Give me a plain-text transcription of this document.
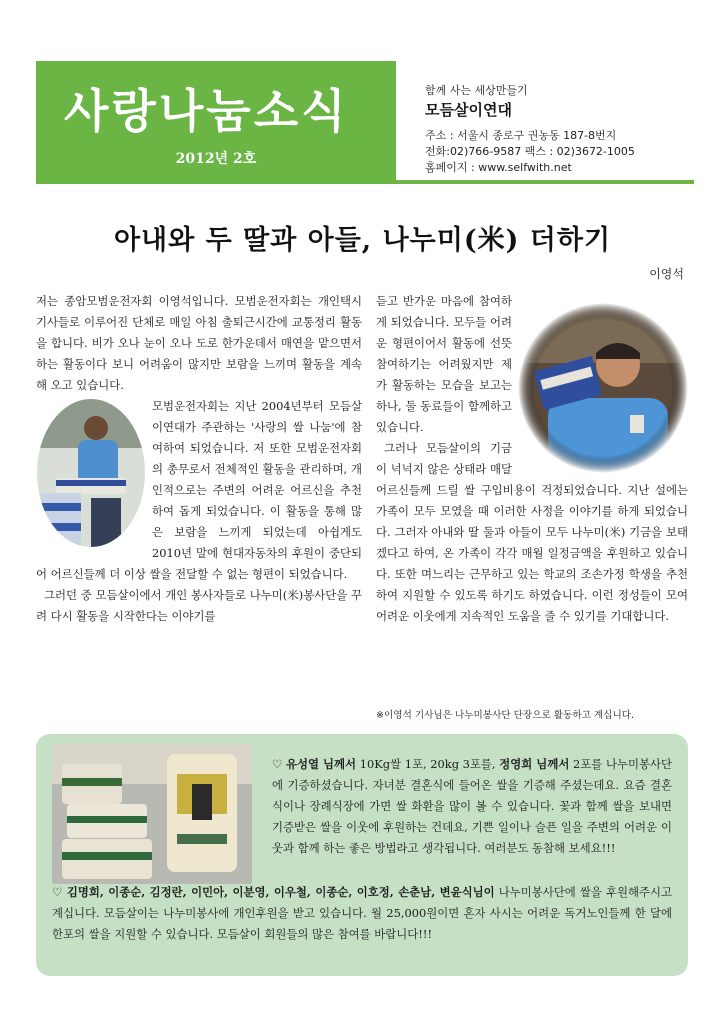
사랑나눔소식
2012년 2호
함께 사는 세상만들기
모듬살이연대
주소 : 서울시 종로구 권농동 187-8번지
전화:02)766-9587 팩스 : 02)3672-1005
홈페이지 : www.selfwith.net
아내와 두 딸과 아들, 나누미(米) 더하기
이영석

저는 종암모범운전자회 이영석입니다. 모범운전자회는 개인택시기사들로 이루어진 단체로 매일 아침 출퇴근시간에 교통정리 활동을 합니다. 비가 오나 눈이 오나 도로 한가운데서 매연을 맡으면서 하는 활동이다 보니 어려움이 많지만 보람을 느끼며 활동을 계속 해 오고 있습니다.

모범운전자회는 지난 2004년부터 모듬살이연대가 주관하는 '사랑의 쌀 나눔'에 참여하여 되었습니다. 저 또한 모범운전자회의 총무로서 전체적인 활동을 관리하며, 개인적으로는 주변의 어려운 어르신을 추천하여 돕게 되었습니다. 이 활동을 통해 많은 보람을 느끼게 되었는데 아쉽게도 2010년 말에 현대자동차의 후원이 중단되어 어르신들께 더 이상 쌀을 전달할 수 없는 형편이 되었습니다.

그러던 중 모듬살이에서 개인 봉사자들로 나누미(米)봉사단을 꾸려 다시 활동을 시작한다는 이야기를

듣고 반가운 마음에 참여하게 되었습니다. 모두들 어려운 형편이어서 활동에 선뜻 참여하기는 어려웠지만 제가 활동하는 모습을 보고는 하나, 둘 동료들이 함께하고 있습니다.

그러나 모듬살이의 기금이 넉넉지 않은 상태라 매달 어르신들께 드릴 쌀 구입비용이 걱정되었습니다. 지난 설에는 가족이 모두 모였을 때 이러한 사정을 이야기를 하게 되었습니다. 그러자 아내와 딸 둘과 아들이 모두 나누미(米) 기금을 보태겠다고 하여, 온 가족이 각각 매월 일정금액을 후원하고 있습니다. 또한 며느리는 근무하고 있는 학교의 조손가정 학생을 추천하여 지원할 수 있도록 하기도 하였습니다. 이런 정성들이 모여 어려운 이웃에게 지속적인 도움을 줄 수 있기를 기대합니다.

※이영석 기사님은 나누미봉사단 단장으로 활동하고 계십니다.
♡ 유성열 님께서 10Kg쌀 1포, 20kg 3포를, 정영희 님께서 2포를 나누미봉사단에 기증하셨습니다. 자녀분 결혼식에 들어온 쌀을 기증해 주셨는데요. 요즘 결혼식이나 장례식장에 가면 쌀 화환을 많이 볼 수 있습니다. 꽃과 함께 쌀을 보내면 기증받은 쌀을 이웃에 후원하는 건데요, 기쁜 일이나 슬픈 일을 주변의 어려운 이웃과 함께 하는 좋은 방법라고 생각됩니다. 여러분도 동참해 보세요!!!
♡ 김명희, 이종순, 김정란, 이민아, 이분영, 이우철, 이종순, 이호정, 손춘남, 변윤식님이 나누미봉사단에 쌀을 후원해주시고 계십니다. 모듬살이는 나누미봉사에 개인후원을 받고 있습니다. 월 25,000원이면 혼자 사시는 어려운 독거노인들께 한 달에 한포의 쌀을 지원할 수 있습니다. 모듬살이 회원들의 많은 참여를 바랍니다!!!
